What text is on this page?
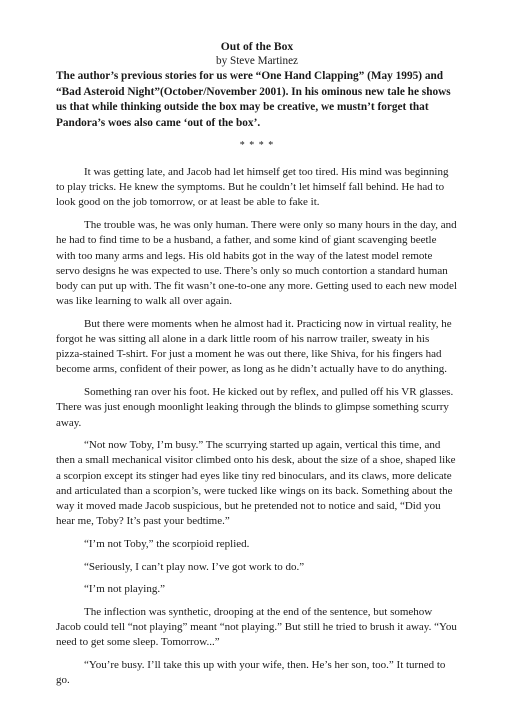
Out of the Box

by Steve Martinez

The author’s previous stories for us were “One Hand Clapping” (May 1995) and “Bad Asteroid Night”(October/November 2001). In his ominous new tale he shows us that while thinking outside the box may be creative, we mustn’t forget that Pandora’s woes also came ‘out of the box’.

* * * *

It was getting late, and Jacob had let himself get too tired. His mind was beginning to play tricks. He knew the symptoms. But he couldn’t let himself fall behind. He had to look good on the job tomorrow, or at least be able to fake it.

The trouble was, he was only human. There were only so many hours in the day, and he had to find time to be a husband, a father, and some kind of giant scavenging beetle with too many arms and legs. His old habits got in the way of the latest model remote servo designs he was expected to use. There’s only so much contortion a standard human body can put up with. The fit wasn’t one-to-one any more. Getting used to each new model was like learning to walk all over again.

But there were moments when he almost had it. Practicing now in virtual reality, he forgot he was sitting all alone in a dark little room of his narrow trailer, sweaty in his pizza-stained T-shirt. For just a moment he was out there, like Shiva, for his fingers had become arms, confident of their power, as long as he didn’t actually have to do anything.

Something ran over his foot. He kicked out by reflex, and pulled off his VR glasses. There was just enough moonlight leaking through the blinds to glimpse something scurry away.

“Not now Toby, I’m busy.” The scurrying started up again, vertical this time, and then a small mechanical visitor climbed onto his desk, about the size of a shoe, shaped like a scorpion except its stinger had eyes like tiny red binoculars, and its claws, more delicate and articulated than a scorpion’s, were tucked like wings on its back. Something about the way it moved made Jacob suspicious, but he pretended not to notice and said, “Did you hear me, Toby? It’s past your bedtime.”

“I’m not Toby,” the scorpioid replied.

“Seriously, I can’t play now. I’ve got work to do.”

“I’m not playing.”

The inflection was synthetic, drooping at the end of the sentence, but somehow Jacob could tell “not playing” meant “not playing.” But still he tried to brush it away. “You need to get some sleep. Tomorrow...”

“You’re busy. I’ll take this up with your wife, then. He’s her son, too.” It turned to go.
